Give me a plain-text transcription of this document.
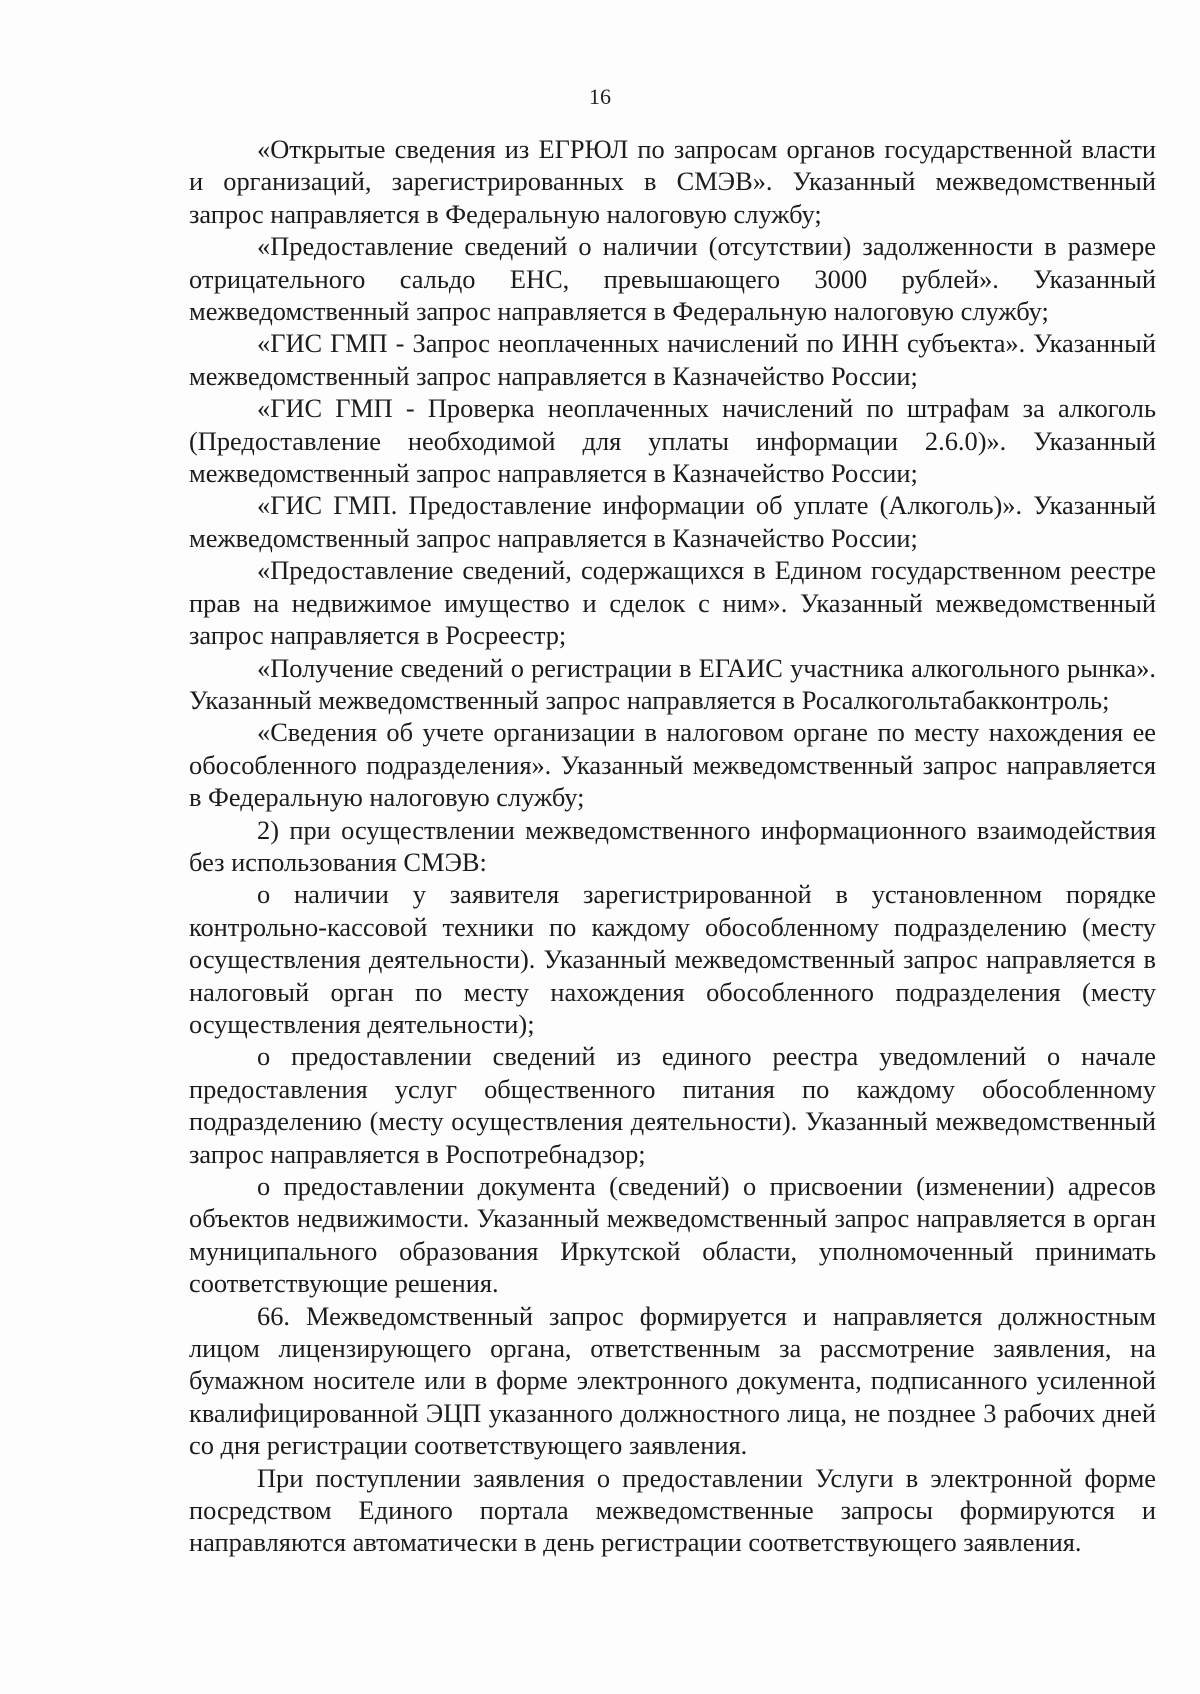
16

«Открытые сведения из ЕГРЮЛ по запросам органов государственной власти и организаций, зарегистрированных в СМЭВ». Указанный межведомственный запрос направляется в Федеральную налоговую службу;

«Предоставление сведений о наличии (отсутствии) задолженности в размере отрицательного сальдо ЕНС, превышающего 3000 рублей». Указанный межведомственный запрос направляется в Федеральную налоговую службу;

«ГИС ГМП - Запрос неоплаченных начислений по ИНН субъекта». Указанный межведомственный запрос направляется в Казначейство России;

«ГИС ГМП - Проверка неоплаченных начислений по штрафам за алкоголь (Предоставление необходимой для уплаты информации 2.6.0)». Указанный межведомственный запрос направляется в Казначейство России;

«ГИС ГМП. Предоставление информации об уплате (Алкоголь)». Указанный межведомственный запрос направляется в Казначейство России;

«Предоставление сведений, содержащихся в Едином государственном реестре прав на недвижимое имущество и сделок с ним». Указанный межведомственный запрос направляется в Росреестр;

«Получение сведений о регистрации в ЕГАИС участника алкогольного рынка». Указанный межведомственный запрос направляется в Росалкогольтабакконтроль;

«Сведения об учете организации в налоговом органе по месту нахождения ее обособленного подразделения». Указанный межведомственный запрос направляется в Федеральную налоговую службу;

2) при осуществлении межведомственного информационного взаимодействия без использования СМЭВ:

о наличии у заявителя зарегистрированной в установленном порядке контрольно-кассовой техники по каждому обособленному подразделению (месту осуществления деятельности). Указанный межведомственный запрос направляется в налоговый орган по месту нахождения обособленного подразделения (месту осуществления деятельности);

о предоставлении сведений из единого реестра уведомлений о начале предоставления услуг общественного питания по каждому обособленному подразделению (месту осуществления деятельности). Указанный межведомственный запрос направляется в Роспотребнадзор;

о предоставлении документа (сведений) о присвоении (изменении) адресов объектов недвижимости. Указанный межведомственный запрос направляется в орган муниципального образования Иркутской области, уполномоченный принимать соответствующие решения.

66. Межведомственный запрос формируется и направляется должностным лицом лицензирующего органа, ответственным за рассмотрение заявления, на бумажном носителе или в форме электронного документа, подписанного усиленной квалифицированной ЭЦП указанного должностного лица, не позднее 3 рабочих дней со дня регистрации соответствующего заявления.

При поступлении заявления о предоставлении Услуги в электронной форме посредством Единого портала межведомственные запросы формируются и направляются автоматически в день регистрации соответствующего заявления.
